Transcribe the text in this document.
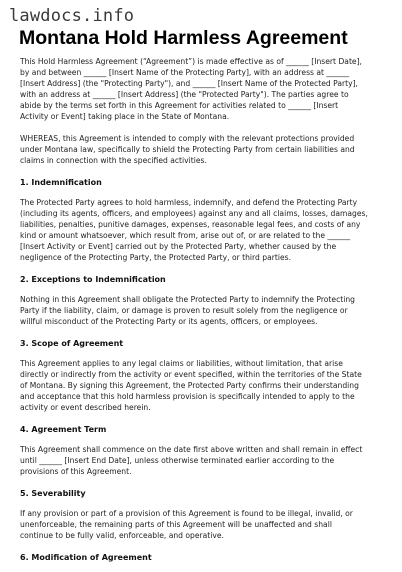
lawdocs.info
Montana Hold Harmless Agreement

This Hold Harmless Agreement (“Agreement”) is made effective as of ______ [Insert Date],
by and between ______ [Insert Name of the Protecting Party], with an address at ______
[Insert Address] (the "Protecting Party"), and ______ [Insert Name of the Protected Party],
with an address at ______ [Insert Address] (the "Protected Party"). The parties agree to
abide by the terms set forth in this Agreement for activities related to ______ [Insert
Activity or Event] taking place in the State of Montana.

WHEREAS, this Agreement is intended to comply with the relevant protections provided
under Montana law, specifically to shield the Protecting Party from certain liabilities and
claims in connection with the specified activities.

1. Indemnification

The Protected Party agrees to hold harmless, indemnify, and defend the Protecting Party
(including its agents, officers, and employees) against any and all claims, losses, damages,
liabilities, penalties, punitive damages, expenses, reasonable legal fees, and costs of any
kind or amount whatsoever, which result from, arise out of, or are related to the ______
[Insert Activity or Event] carried out by the Protected Party, whether caused by the
negligence of the Protecting Party, the Protected Party, or third parties.

2. Exceptions to Indemnification

Nothing in this Agreement shall obligate the Protected Party to indemnify the Protecting
Party if the liability, claim, or damage is proven to result solely from the negligence or
willful misconduct of the Protecting Party or its agents, officers, or employees.

3. Scope of Agreement

This Agreement applies to any legal claims or liabilities, without limitation, that arise
directly or indirectly from the activity or event specified, within the territories of the State
of Montana. By signing this Agreement, the Protected Party confirms their understanding
and acceptance that this hold harmless provision is specifically intended to apply to the
activity or event described herein.

4. Agreement Term

This Agreement shall commence on the date first above written and shall remain in effect
until ______ [Insert End Date], unless otherwise terminated earlier according to the
provisions of this Agreement.

5. Severability

If any provision or part of a provision of this Agreement is found to be illegal, invalid, or
unenforceable, the remaining parts of this Agreement will be unaffected and shall
continue to be fully valid, enforceable, and operative.

6. Modification of Agreement
